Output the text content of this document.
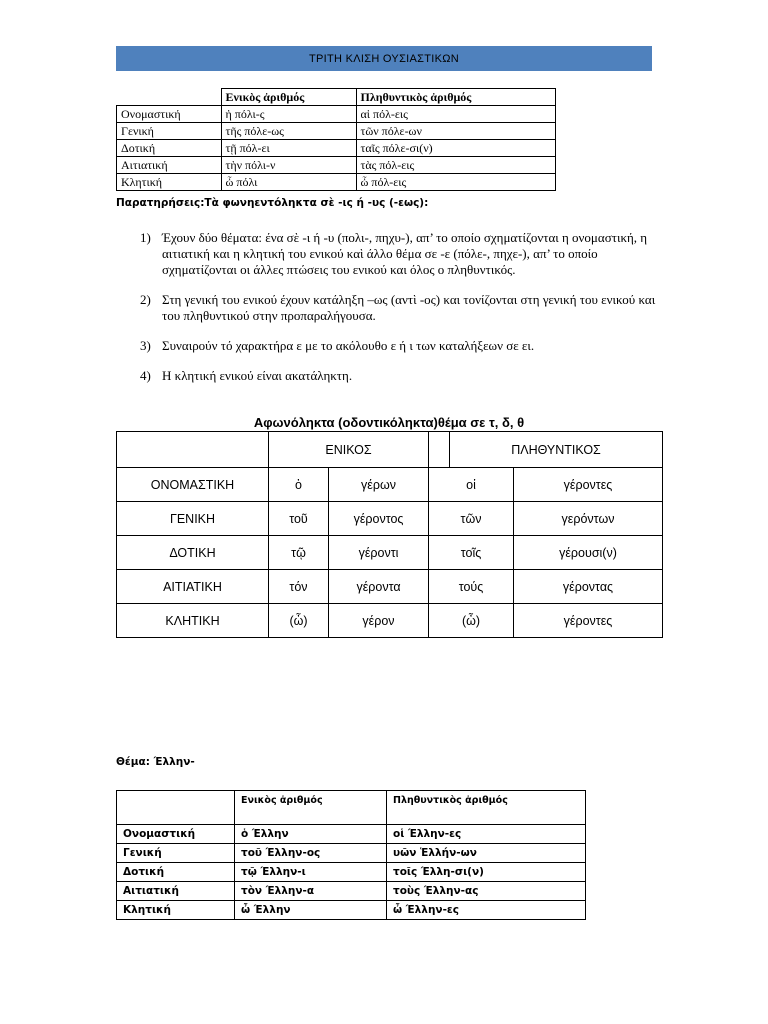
ΤΡΙΤΗ ΚΛΙΣΗ ΟΥΣΙΑΣΤΙΚΩΝ
	Ενικὸς ἀριθμός	Πληθυντικὸς ἀριθμός
Ονομαστική	ἡ πόλι-ς	αἱ πόλ-εις
Γενική	τῆς πόλε-ως	τῶν πόλε-ων
Δοτική	τῇ πόλ-ει	ταῖς πόλε-σι(ν)
Αιτιατική	τὴν πόλι-ν	τὰς πόλ-εις
Κλητική	ὦ πόλι	ὦ πόλ-εις
Παρατηρήσεις:Τὰ φωνηεντόληκτα σὲ -ις ή -υς (-εως):
1) Έχουν δύο θέματα: ένα σὲ -ι ή -υ (πολι-, πηχυ-), απ’ το οποίο σχηματίζονται η ονομαστική, η αιτιατική και η κλητική του ενικού καὶ άλλο θέμα σε -ε (πόλε-, πηχε-), απ’ το οποίο σχηματίζονται οι άλλες πτώσεις του ενικού και όλος ο πληθυντικός.
2) Στη γενική του ενικού έχουν κατάληξη –ως (αντὶ -ος) και τονίζονται στη γενική του ενικού και του πληθυντικού στην προπαραλήγουσα.
3) Συναιρούν τό χαρακτήρα ε με το ακόλουθο ε ή ι των καταλήξεων σε ει.
4) Η κλητική ενικού είναι ακατάληκτη.
Αφωνόληκτα (οδοντικόληκτα)θέμα σε τ, δ, θ
	ΕΝΙΚΟΣ			ΠΛΗΘΥΝΤΙΚΟΣ	
ΟΝΟΜΑΣΤΙΚΗ	ὁ	γέρων	οἱ		γέροντες
ΓΕΝΙΚΗ	τοῦ	γέροντος	τῶν		γερόντων
ΔΟΤΙΚΗ	τῷ	γέροντι	τοῖς		γέρουσι(ν)
ΑΙΤΙΑΤΙΚΗ	τόν	γέροντα	τούς		γέροντας
ΚΛΗΤΙΚΗ	(ὦ)	γέρον	(ὦ)		γέροντες
Θέμα: Έλλην-
	Ενικὸς ἀριθμός	Πληθυντικὸς ἀριθμός
Ονομαστική	ὁ Έλλην	οἱ Έλλην-ες
Γενική	τοῦ Έλλην-ος	υῶν Ἑλλήν-ων
Δοτική	τῷ Έλλην-ι	τοῖς Έλλη-σι(ν)
Αιτιατική	τὸν Έλλην-α	τοὺς Έλλην-ας
Κλητική	ὦ Έλλην	ὦ Έλλην-ες
